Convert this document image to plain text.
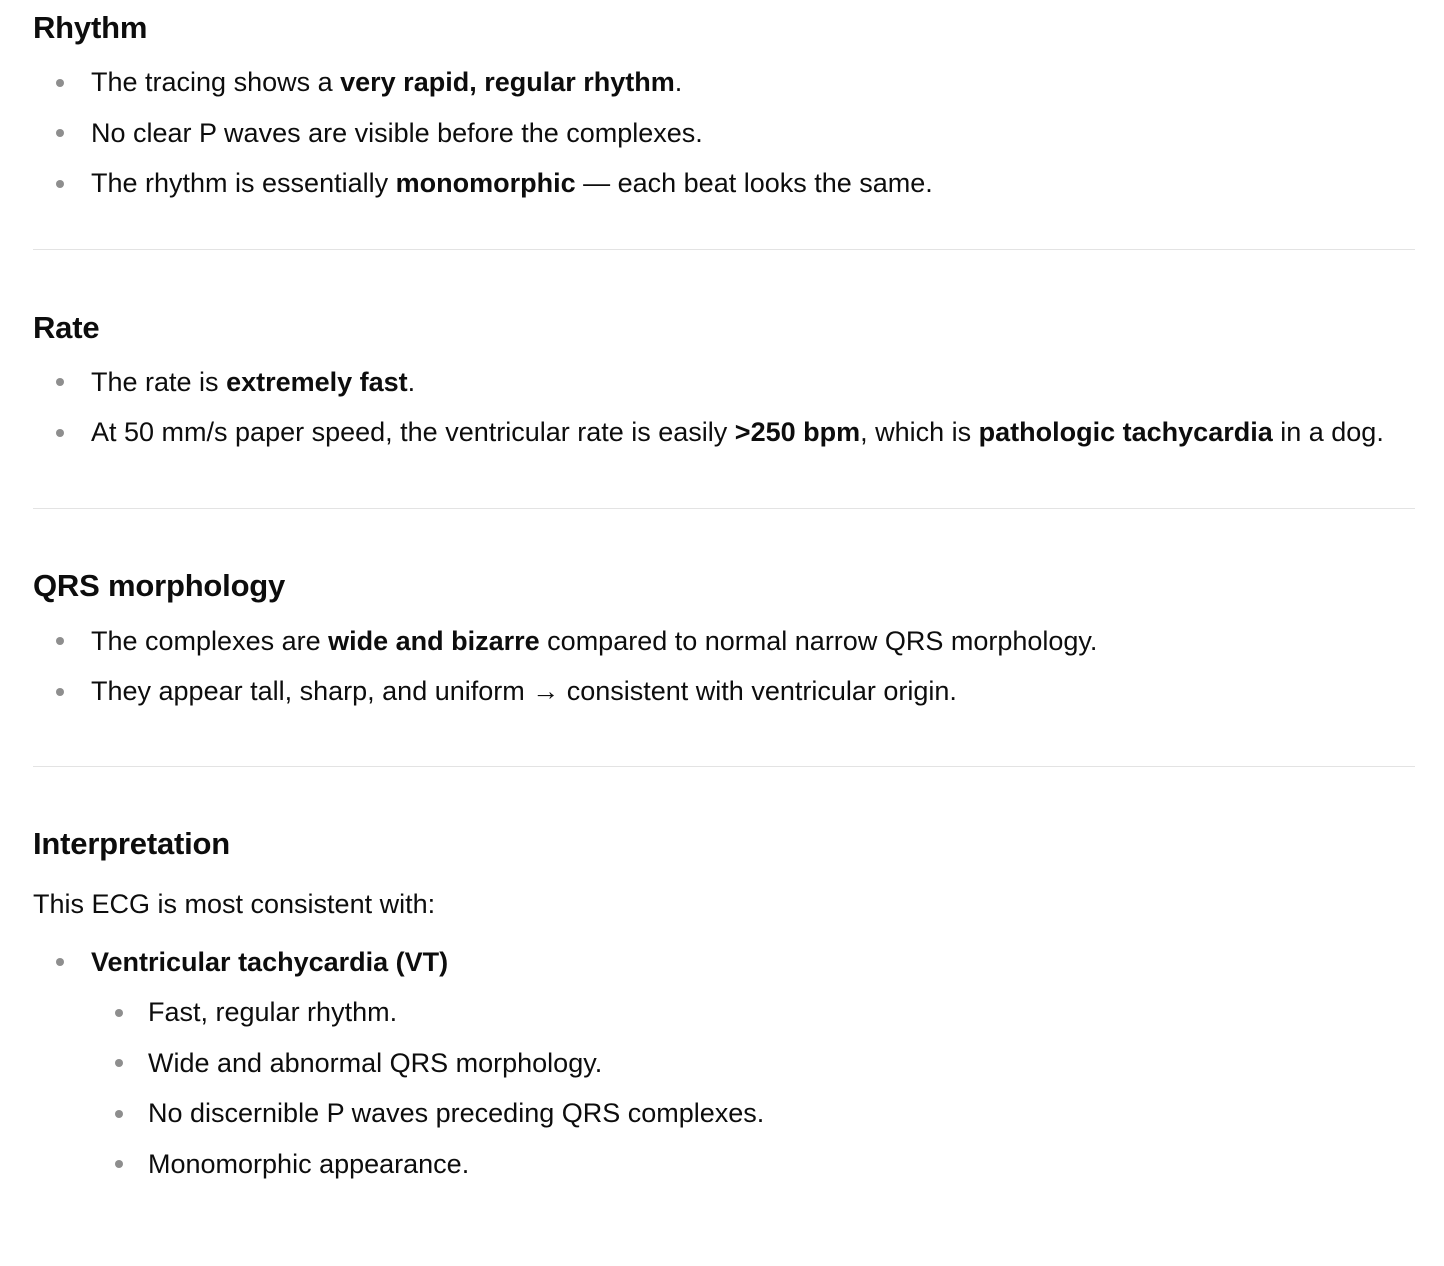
Rhythm
The tracing shows a very rapid, regular rhythm.
No clear P waves are visible before the complexes.
The rhythm is essentially monomorphic — each beat looks the same.
Rate
The rate is extremely fast.
At 50 mm/s paper speed, the ventricular rate is easily >250 bpm, which is pathologic tachycardia in a dog.
QRS morphology
The complexes are wide and bizarre compared to normal narrow QRS morphology.
They appear tall, sharp, and uniform → consistent with ventricular origin.
Interpretation

This ECG is most consistent with:

Ventricular tachycardia (VT)
Fast, regular rhythm.
Wide and abnormal QRS morphology.
No discernible P waves preceding QRS complexes.
Monomorphic appearance.
